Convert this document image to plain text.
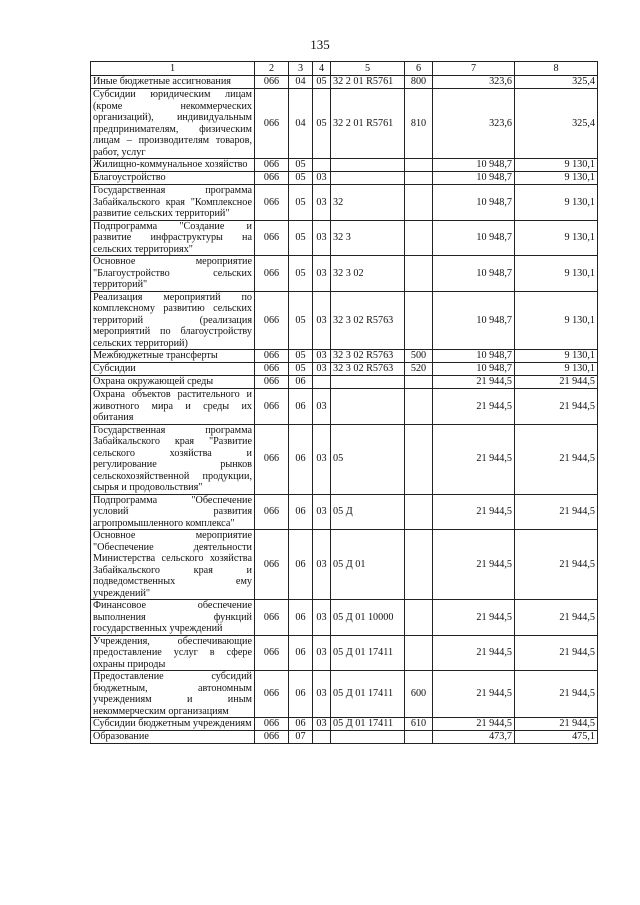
135
1	2	3	4	5	6	7	8
Иные бюджетные ассигнования	066	04	05	32 2 01 R5761	800	323,6	325,4
Субсидии юридическим лицам (кроме некоммерческих организаций), индивидуальным предпринимателям, физическим лицам – производителям товаров, работ, услуг	066	04	05	32 2 01 R5761	810	323,6	325,4
Жилищно-коммунальное хозяйство	066	05				10 948,7	9 130,1
Благоустройство	066	05	03			10 948,7	9 130,1
Государственная программа Забайкальского края "Комплексное развитие сельских территорий"	066	05	03	32		10 948,7	9 130,1
Подпрограмма "Создание и развитие инфраструктуры на сельских территориях"	066	05	03	32 3		10 948,7	9 130,1
Основное мероприятие "Благоустройство сельских территорий"	066	05	03	32 3 02		10 948,7	9 130,1
Реализация мероприятий по комплексному развитию сельских территорий (реализация мероприятий по благоустройству сельских территорий)	066	05	03	32 3 02 R5763		10 948,7	9 130,1
Межбюджетные трансферты	066	05	03	32 3 02 R5763	500	10 948,7	9 130,1
Субсидии	066	05	03	32 3 02 R5763	520	10 948,7	9 130,1
Охрана окружающей среды	066	06				21 944,5	21 944,5
Охрана объектов растительного и животного мира и среды их обитания	066	06	03			21 944,5	21 944,5
Государственная программа Забайкальского края "Развитие сельского хозяйства и регулирование рынков сельскохозяйственной продукции, сырья и продовольствия"	066	06	03	05		21 944,5	21 944,5
Подпрограмма "Обеспечение условий развития агропромышленного комплекса"	066	06	03	05 Д		21 944,5	21 944,5
Основное мероприятие "Обеспечение деятельности Министерства сельского хозяйства Забайкальского края и подведомственных ему учреждений"	066	06	03	05 Д 01		21 944,5	21 944,5
Финансовое обеспечение выполнения функций государственных учреждений	066	06	03	05 Д 01 10000		21 944,5	21 944,5
Учреждения, обеспечивающие предоставление услуг в сфере охраны природы	066	06	03	05 Д 01 17411		21 944,5	21 944,5
Предоставление субсидий бюджетным, автономным учреждениям и иным некоммерческим организациям	066	06	03	05 Д 01 17411	600	21 944,5	21 944,5
Субсидии бюджетным учреждениям	066	06	03	05 Д 01 17411	610	21 944,5	21 944,5
Образование	066	07				473,7	475,1
